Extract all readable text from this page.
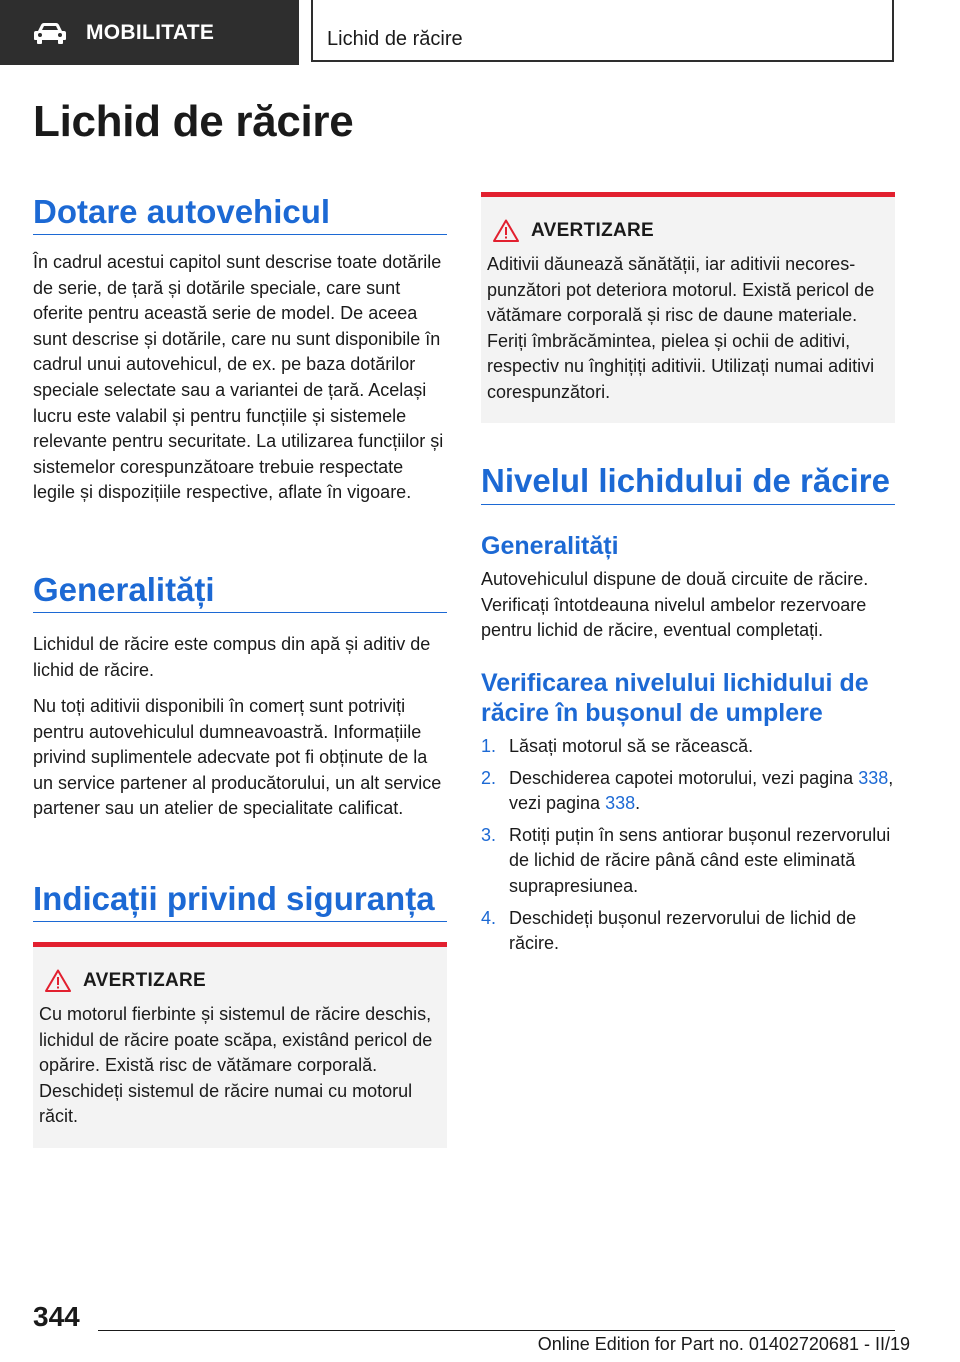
MOBILITATE	Lichid de răcire
Lichid de răcire
Dotare autovehicul

În cadrul acestui capitol sunt descrise toate dotările de serie, de țară și dotările speciale, care sunt oferite pentru această serie de model. De aceea sunt descrise și dotările, care nu sunt disponibile în cadrul unui autovehicul, de ex. pe baza dotărilor speciale selectate sau a variantei de țară. Același lucru este valabil și pentru funcțiile și sistemele relevante pentru securitate. La utilizarea funcțiilor și sistemelor corespunzătoare trebuie respectate legile și dispozițiile respective, aflate în vigoare.

Generalități

Lichidul de răcire este compus din apă și aditiv de lichid de răcire.

Nu toți aditivii disponibili în comerț sunt potriviți pentru autovehiculul dumneavoastră. Informațiile privind suplimentele adecvate pot fi obținute de la un service partener al producătorului, un alt service partener sau un atelier de specialitate calificat.

Indicații privind siguranța
AVERTIZARE

Cu motorul fierbinte și sistemul de răcire deschis, lichidul de răcire poate scăpa, existând pericol de opărire. Există risc de vătămare corporală. Deschideți sistemul de răcire numai cu motorul răcit.

AVERTIZARE

Aditivii dăunează sănătății, iar aditivii necorespunzători pot deteriora motorul. Există pericol de vătămare corporală și risc de daune materiale. Feriți îmbrăcămintea, pielea și ochii de aditivi, respectiv nu înghițiți aditivii. Utilizați numai aditivi corespunzători.

Nivelul lichidului de răcire
Generalități

Autovehiculul dispune de două circuite de răcire. Verificați întotdeauna nivelul ambelor rezervoare pentru lichid de răcire, eventual completați.

Verificarea nivelului lichidului de răcire în bușonul de umplere
1. Lăsați motorul să se răcească.
2. Deschiderea capotei motorului, vezi pagina 338, vezi pagina 338.
3. Rotiți puțin în sens antiorar bușonul rezervorului de lichid de răcire până când este eliminată suprapresiunea.
4. Deschideți bușonul rezervorului de lichid de răcire.
344
Online Edition for Part no. 01402720681 - II/19
